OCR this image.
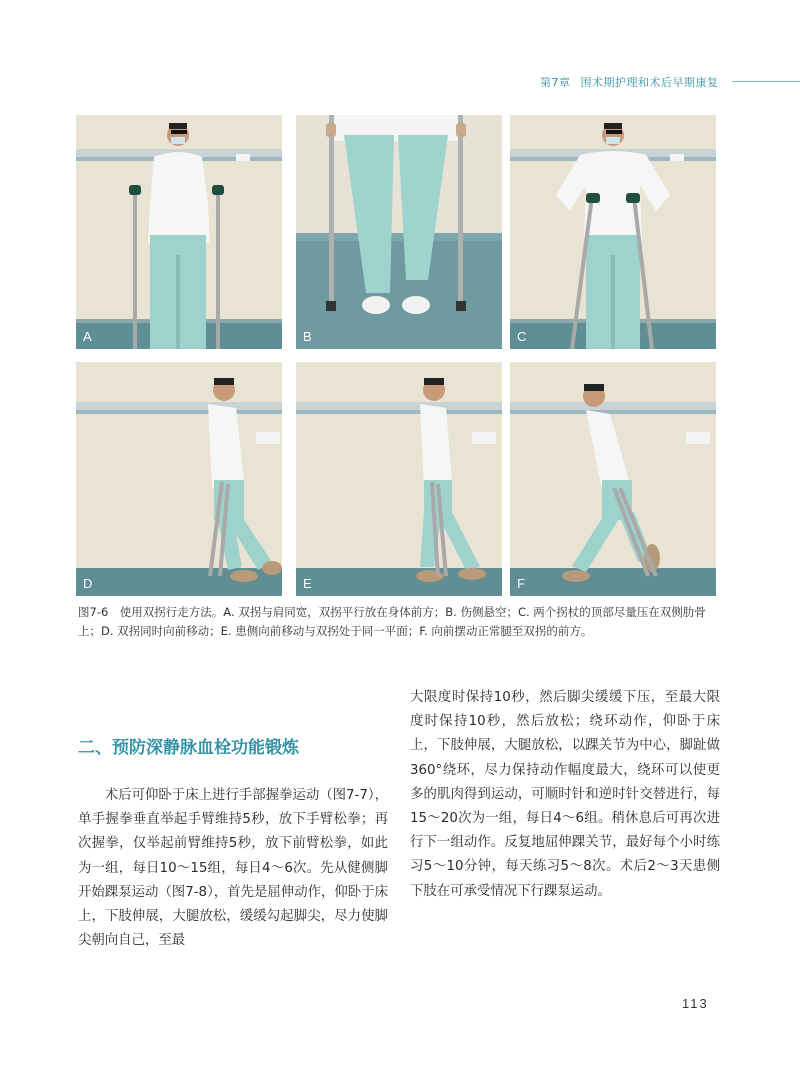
第7章 围术期护理和术后早期康复
A	B	C
D	E	F
图7-6　使用双拐行走方法。A. 双拐与肩同宽，双拐平行放在身体前方；B. 伤侧悬空；C. 两个拐杖的顶部尽量压在双侧肋骨上；D. 双拐同时向前移动；E. 患侧向前移动与双拐处于同一平面；F. 向前摆动正常腿至双拐的前方。
二、预防深静脉血栓功能锻炼

术后可仰卧于床上进行手部握拳运动（图7-7），单手握拳垂直举起手臂维持5秒，放下手臂松拳；再次握拳，仅举起前臂维持5秒，放下前臂松拳，如此为一组，每日10～15组，每日4～6次。先从健侧脚开始踝泵运动（图7-8），首先是屈伸动作，仰卧于床上，下肢伸展，大腿放松，缓缓勾起脚尖，尽力使脚尖朝向自己，至最

大限度时保持10秒，然后脚尖缓缓下压，至最大限度时保持10秒，然后放松；绕环动作，仰卧于床上，下肢伸展，大腿放松，以踝关节为中心，脚趾做360°绕环，尽力保持动作幅度最大，绕环可以使更多的肌肉得到运动，可顺时针和逆时针交替进行，每15～20次为一组，每日4～6组。稍休息后可再次进行下一组动作。反复地屈伸踝关节，最好每个小时练习5～10分钟，每天练习5～8次。术后2～3天患侧下肢在可承受情况下行踝泵运动。

113
